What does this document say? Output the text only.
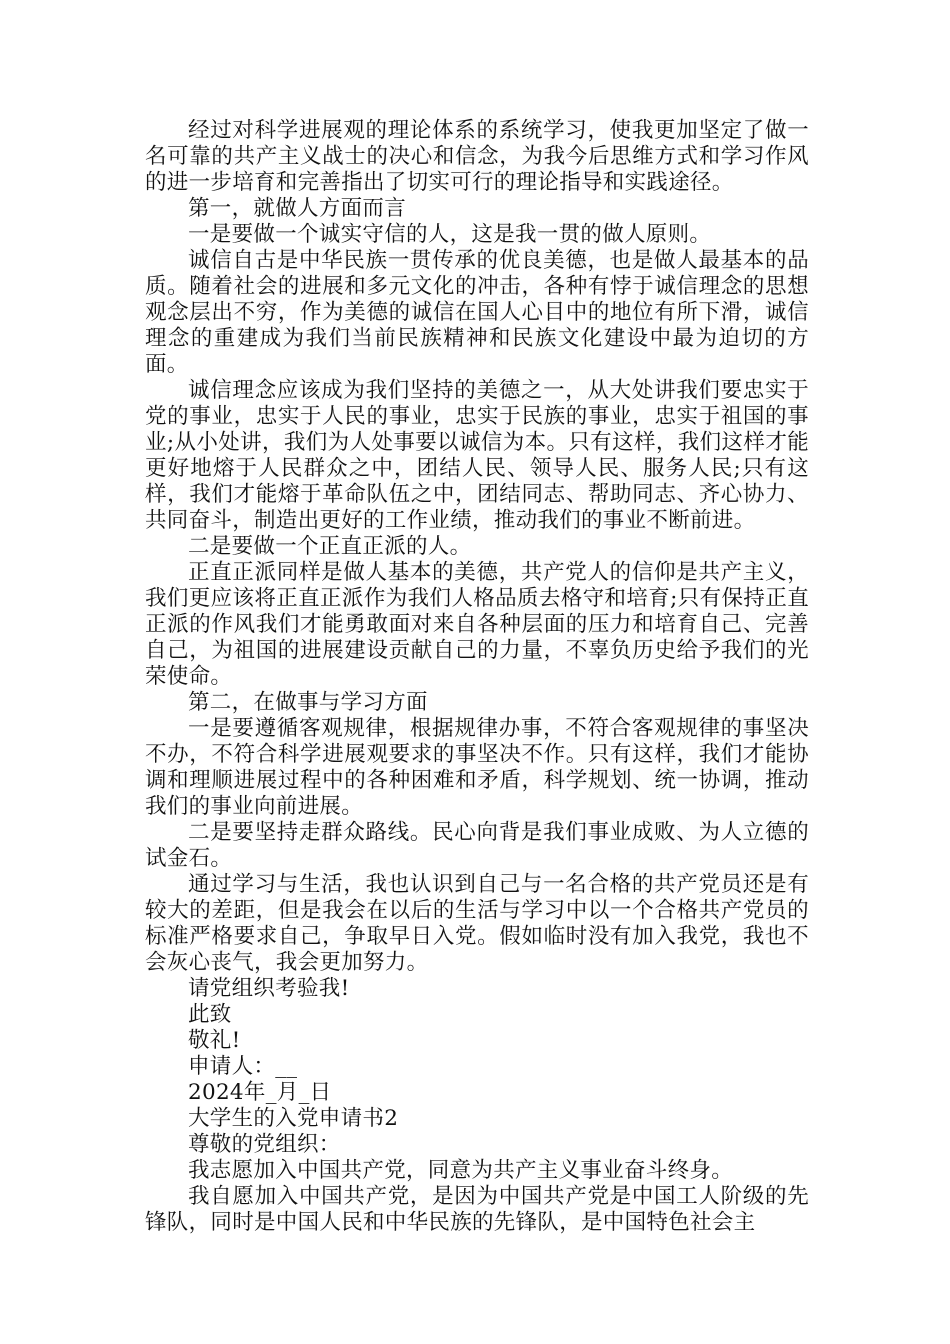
经过对科学进展观的理论体系的系统学习，使我更加坚定了做一名可靠的共产主义战士的决心和信念，为我今后思维方式和学习作风的进一步培育和完善指出了切实可行的理论指导和实践途径。

第一，就做人方面而言

一是要做一个诚实守信的人，这是我一贯的做人原则。

诚信自古是中华民族一贯传承的优良美德，也是做人最基本的品质。随着社会的进展和多元文化的冲击，各种有悖于诚信理念的思想观念层出不穷，作为美德的诚信在国人心目中的地位有所下滑，诚信理念的重建成为我们当前民族精神和民族文化建设中最为迫切的方面。

诚信理念应该成为我们坚持的美德之一，从大处讲我们要忠实于党的事业，忠实于人民的事业，忠实于民族的事业，忠实于祖国的事业;从小处讲，我们为人处事要以诚信为本。只有这样，我们这样才能更好地熔于人民群众之中，团结人民、领导人民、服务人民;只有这样，我们才能熔于革命队伍之中，团结同志、帮助同志、齐心协力、共同奋斗，制造出更好的工作业绩，推动我们的事业不断前进。

二是要做一个正直正派的人。

正直正派同样是做人基本的美德，共产党人的信仰是共产主义，我们更应该将正直正派作为我们人格品质去格守和培育;只有保持正直正派的作风我们才能勇敢面对来自各种层面的压力和培育自己、完善自己，为祖国的进展建设贡献自己的力量，不辜负历史给予我们的光荣使命。

第二，在做事与学习方面

一是要遵循客观规律，根据规律办事，不符合客观规律的事坚决不办，不符合科学进展观要求的事坚决不作。只有这样，我们才能协调和理顺进展过程中的各种困难和矛盾，科学规划、统一协调，推动我们的事业向前进展。

二是要坚持走群众路线。民心向背是我们事业成败、为人立德的试金石。

通过学习与生活，我也认识到自己与一名合格的共产党员还是有较大的差距，但是我会在以后的生活与学习中以一个合格共产党员的标准严格要求自己，争取早日入党。假如临时没有加入我党，我也不会灰心丧气，我会更加努力。

请党组织考验我!

此致

敬礼!

申请人：__

2024年_月_日

大学生的入党申请书2

尊敬的党组织：

我志愿加入中国共产党，同意为共产主义事业奋斗终身。

我自愿加入中国共产党，是因为中国共产党是中国工人阶级的先锋队，同时是中国人民和中华民族的先锋队，是中国特色社会主
